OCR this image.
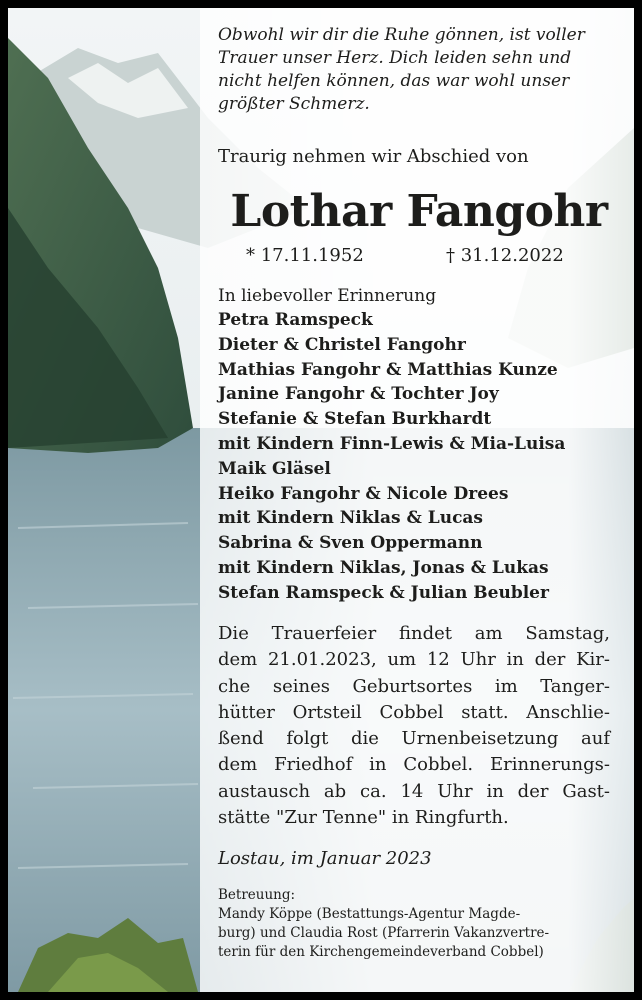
Obwohl wir dir die Ruhe gönnen, ist voller
Trauer unser Herz. Dich leiden sehn und
nicht helfen können, das war wohl unser
größter Schmerz.
Traurig nehmen wir Abschied von
Lothar Fangohr
* 17.11.1952	† 31.12.2022
In liebevoller Erinnerung
Petra Ramspeck
Dieter & Christel Fangohr
Mathias Fangohr & Matthias Kunze
Janine Fangohr & Tochter Joy
Stefanie & Stefan Burkhardt
mit Kindern Finn-Lewis & Mia-Luisa
Maik Gläsel
Heiko Fangohr & Nicole Drees
mit Kindern Niklas & Lucas
Sabrina & Sven Oppermann
mit Kindern Niklas, Jonas & Lukas
Stefan Ramspeck & Julian Beubler
Die Trauerfeier findet am Samstag,
dem 21.01.2023, um 12 Uhr in der Kir-
che seines Geburtsortes im Tanger-
hütter Ortsteil Cobbel statt. Anschlie-
ßend folgt die Urnenbeisetzung auf
dem Friedhof in Cobbel. Erinnerungs-
austausch ab ca. 14 Uhr in der Gast-
stätte "Zur Tenne" in Ringfurth.
Lostau, im Januar 2023
Betreuung:
Mandy Köppe (Bestattungs-Agentur Magde-
burg) und Claudia Rost (Pfarrerin Vakanzvertre-
terin für den Kirchengemeindeverband Cobbel)
